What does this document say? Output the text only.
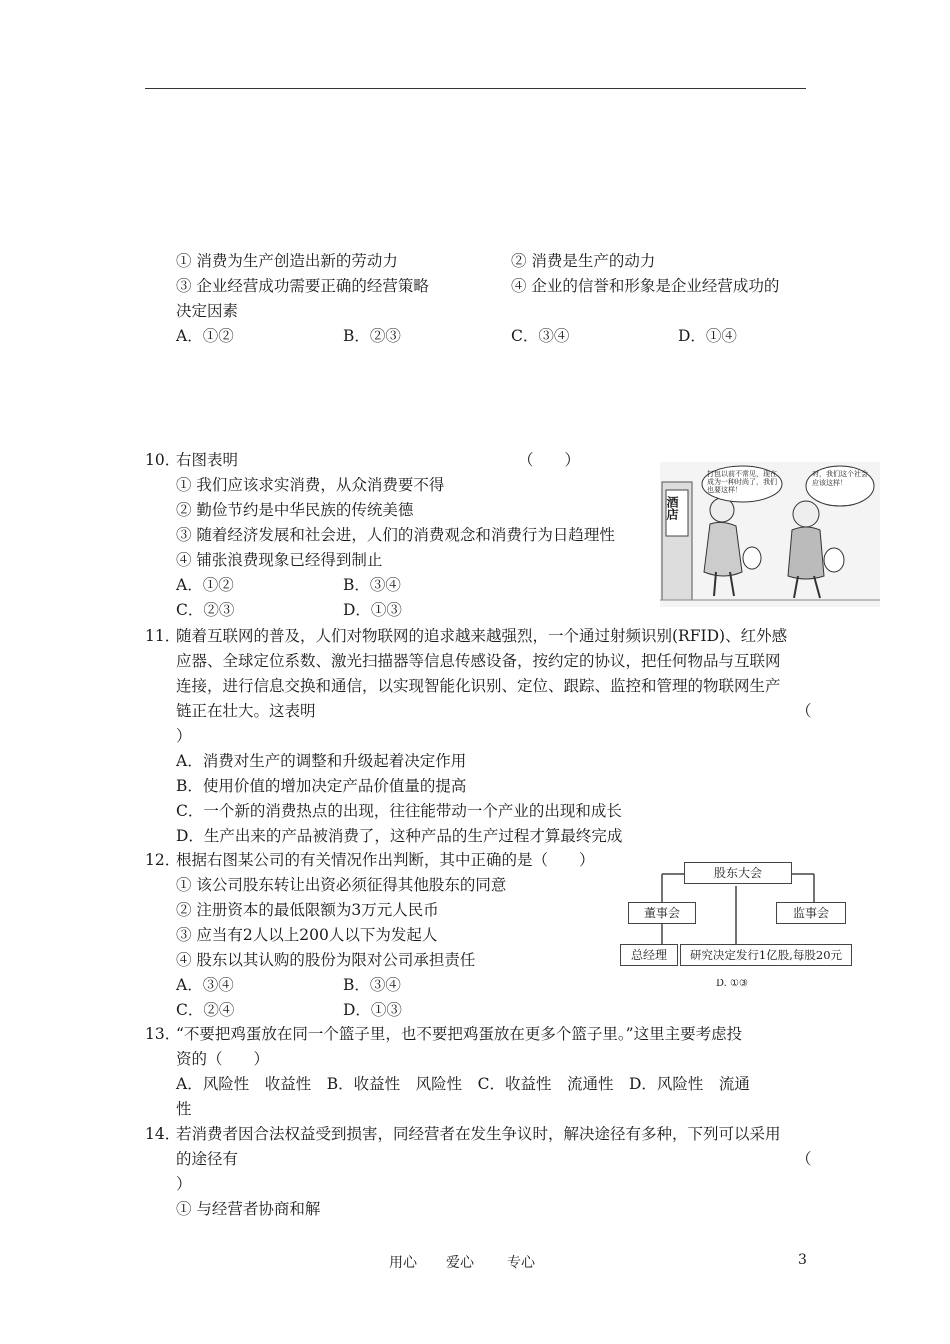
① 消费为生产创造出新的劳动力	② 消费是生产的动力
③ 企业经营成功需要正确的经营策略	④ 企业的信誉和形象是企业经营成功的
决定因素
A．①②	B．②③	C．③④	D．①④
10．
右图表明	（　　）
① 我们应该求实消费，从众消费要不得
② 勤俭节约是中华民族的传统美德
③ 随着经济发展和社会进，人们的消费观念和消费行为日趋理性
④ 铺张浪费现象已经得到制止
A．①②	B．③④
C．②③	D．①③
酒店
打包以前不常见，现在成为一种时尚了，我们也要这样！
对，我们这个社会应该这样！
11．
随着互联网的普及，人们对物联网的追求越来越强烈，一个通过射频识别(RFID)、红外感
应器、全球定位系数、激光扫描器等信息传感设备，按约定的协议，把任何物品与互联网
连接，进行信息交换和通信，以实现智能化识别、定位、跟踪、监控和管理的物联网生产
链正在壮大。这表明	（
）
A．消费对生产的调整和升级起着决定作用
B．使用价值的增加决定产品价值量的提高
C．一个新的消费热点的出现，往往能带动一个产业的出现和成长
D．生产出来的产品被消费了，这种产品的生产过程才算最终完成
12．
根据右图某公司的有关情况作出判断，其中正确的是（　　）
① 该公司股东转让出资必须征得其他股东的同意
② 注册资本的最低限额为3万元人民币
③ 应当有2人以上200人以下为发起人
④ 股东以其认购的股份为限对公司承担责任
A．③④	B．③④
C．②④	D．①③
股东大会
董事会	监事会
总经理	研究决定发行1亿股,每股20元
D. ①③
13．
“不要把鸡蛋放在同一个篮子里，也不要把鸡蛋放在更多个篮子里。”这里主要考虑投
资的（　　）
A．风险性　收益性　B．收益性　风险性　C．收益性　流通性　D．风险性　流通
性
14．
若消费者因合法权益受到损害，同经营者在发生争议时，解决途径有多种，下列可以采用
的途径有	（
）
① 与经营者协商和解
用心 爱心 专心	3
